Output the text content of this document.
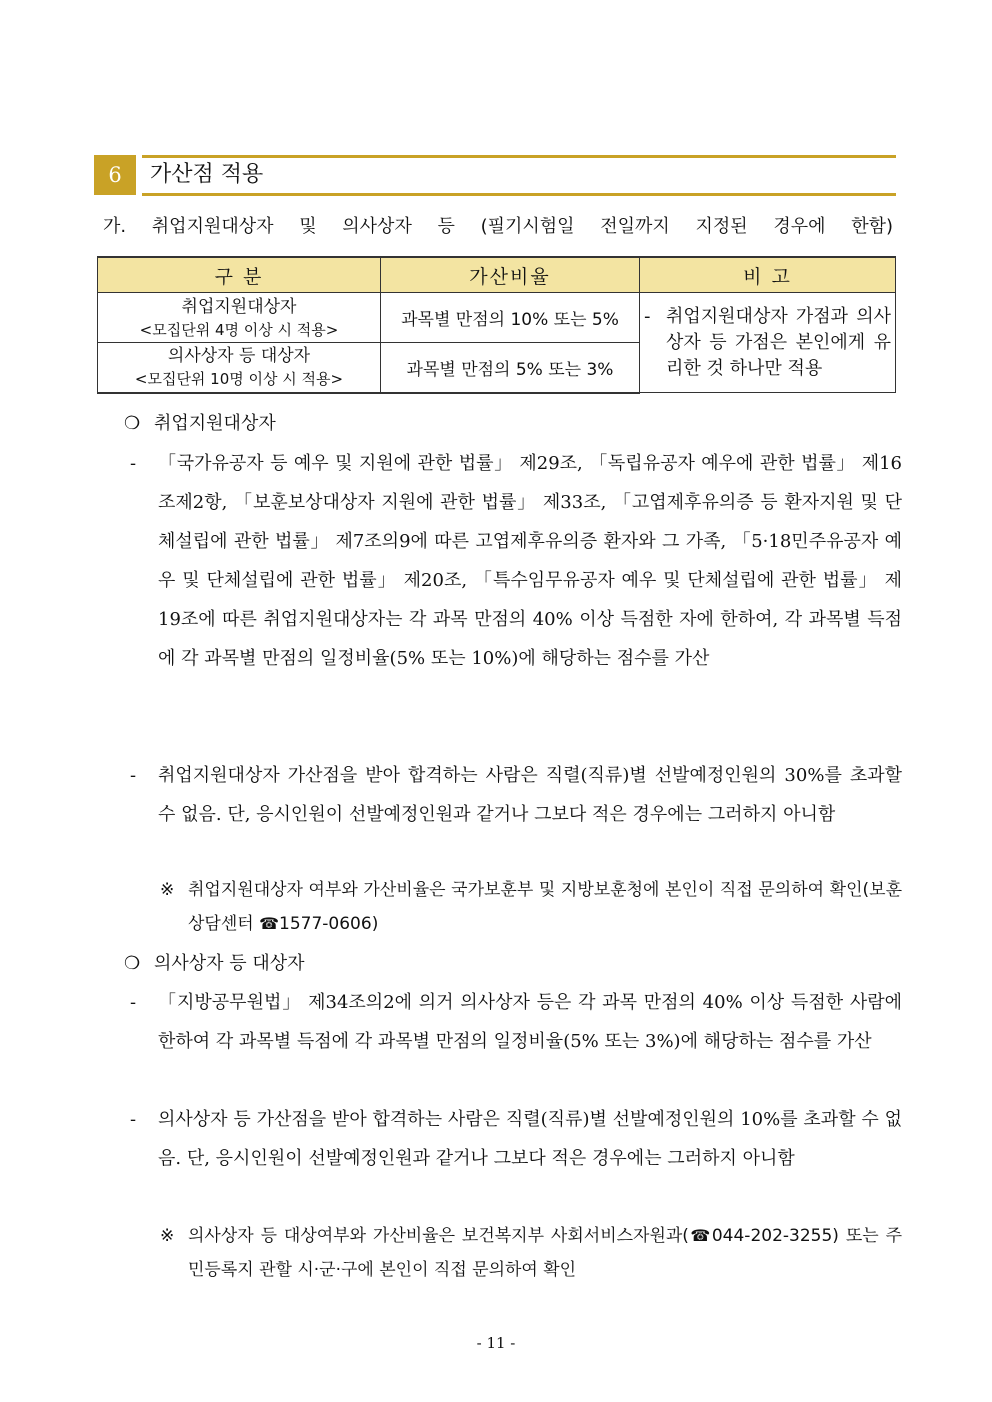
6	가산점 적용
가. 취업지원대상자 및 의사상자 등 (필기시험일 전일까지 지정된 경우에 한함)
구 분	가산비율	비 고

취업지원대상자
<모집단위 4명 이상 시 적용>	과목별 만점의 10% 또는 5%	- 취업지원대상자 가점과 의사상자 등 가점은 본인에게 유리한 것 하나만 적용

의사상자 등 대상자
<모집단위 10명 이상 시 적용>	과목별 만점의 5% 또는 3%	
❍ 취업지원대상자
-	「국가유공자 등 예우 및 지원에 관한 법률」 제29조, 「독립유공자 예우에 관한 법률」 제16조제2항, 「보훈보상대상자 지원에 관한 법률」 제33조, 「고엽제후유의증 등 환자지원 및 단체설립에 관한 법률」 제7조의9에 따른 고엽제후유의증 환자와 그 가족, 「5·18민주유공자 예우 및 단체설립에 관한 법률」 제20조, 「특수임무유공자 예우 및 단체설립에 관한 법률」 제19조에 따른 취업지원대상자는 각 과목 만점의 40% 이상 득점한 자에 한하여, 각 과목별 득점에 각 과목별 만점의 일정비율(5% 또는 10%)에 해당하는 점수를 가산
-	취업지원대상자 가산점을 받아 합격하는 사람은 직렬(직류)별 선발예정인원의 30%를 초과할 수 없음. 단, 응시인원이 선발예정인원과 같거나 그보다 적은 경우에는 그러하지 아니함
※ 취업지원대상자 여부와 가산비율은 국가보훈부 및 지방보훈청에 본인이 직접 문의하여 확인(보훈상담센터 ☎1577-0606)
❍ 의사상자 등 대상자
-	「지방공무원법」 제34조의2에 의거 의사상자 등은 각 과목 만점의 40% 이상 득점한 사람에 한하여 각 과목별 득점에 각 과목별 만점의 일정비율(5% 또는 3%)에 해당하는 점수를 가산
-	의사상자 등 가산점을 받아 합격하는 사람은 직렬(직류)별 선발예정인원의 10%를 초과할 수 없음. 단, 응시인원이 선발예정인원과 같거나 그보다 적은 경우에는 그러하지 아니함
※ 의사상자 등 대상여부와 가산비율은 보건복지부 사회서비스자원과(☎044-202-3255) 또는 주민등록지 관할 시·군·구에 본인이 직접 문의하여 확인
- 11 -
